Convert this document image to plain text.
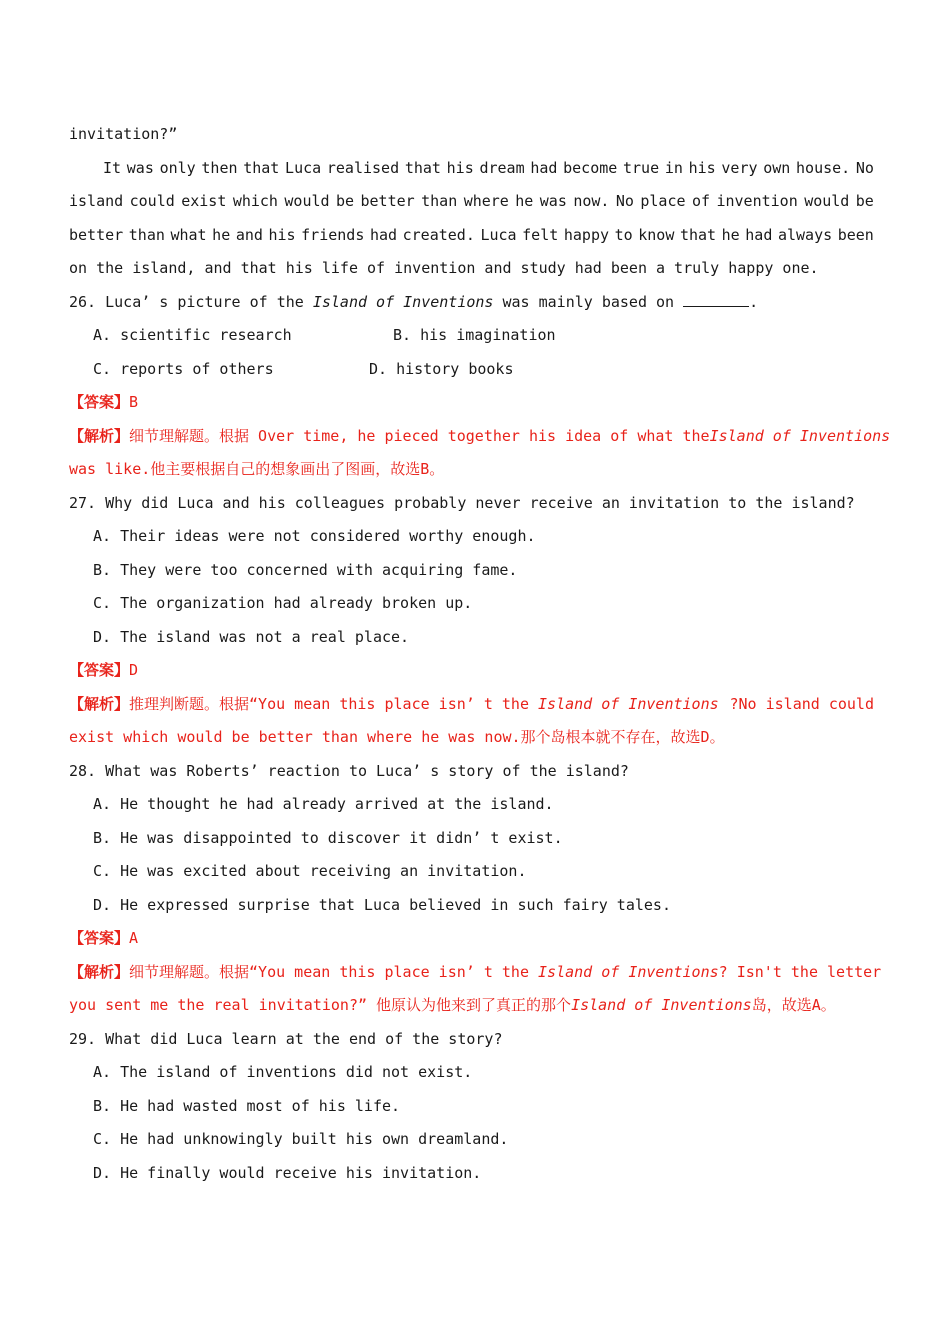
invitation?”
It was only then that Luca realised that his dream had become true in his very own house. No
island could exist which would be better than where he was now. No place of invention would be
better than what he and his friends had created. Luca felt happy to know that he had always been
on the island, and that his life of invention and study had been a truly happy one.
26. Luca’ s picture of the Island of Inventions was mainly based on	.
A. scientific research	B. his imagination
C. reports of others	D. history books
【答案】B
【解析】细节理解题。根据 Over time, he pieced together his idea of what the Island of Inventions
was like.他主要根据自己的想象画出了图画，故选B。
27. Why did Luca and his colleagues probably never receive an invitation to the island?
A. Their ideas were not considered worthy enough.
B. They were too concerned with acquiring fame.
C. The organization had already broken up.
D. The island was not a real place.
【答案】D
【解析】推理判断题。根据“You mean this place isn’ t the Island of Inventions ?No island could
exist which would be better than where he was now.那个岛根本就不存在，故选D。
28. What was Roberts’ reaction to Luca’ s story of the island?
A. He thought he had already arrived at the island.
B. He was disappointed to discover it didn’ t exist.
C. He was excited about receiving an invitation.
D. He expressed surprise that Luca believed in such fairy tales.
【答案】A
【解析】细节理解题。根据“You mean this place isn’ t the Island of Inventions ? Isn't the letter
you sent me the real invitation?” 他原认为他来到了真正的那个Island of Inventions岛，故选A。
29. What did Luca learn at the end of the story?
A. The island of inventions did not exist.
B. He had wasted most of his life.
C. He had unknowingly built his own dreamland.
D. He finally would receive his invitation.
